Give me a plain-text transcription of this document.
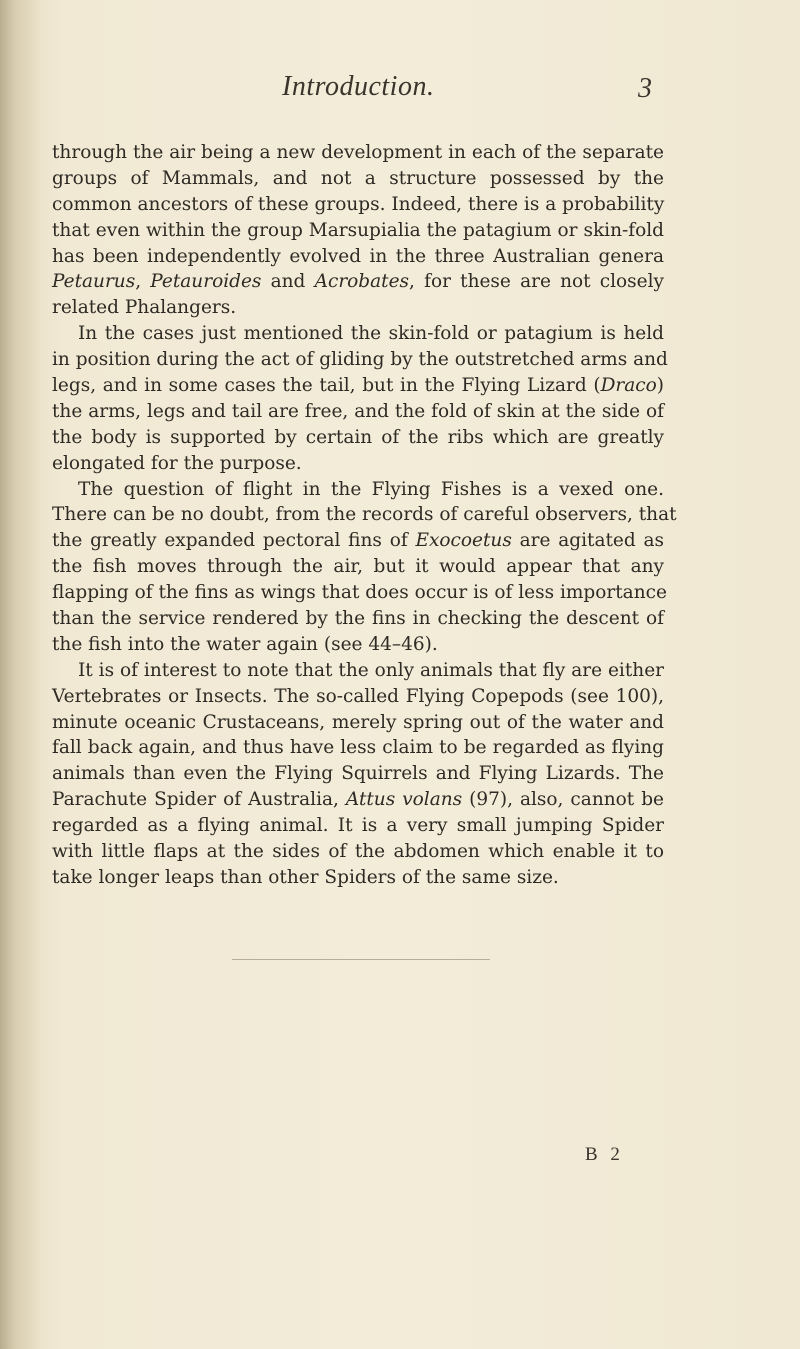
Introduction.	3
through the air being a new development in each of the separate
groups of Mammals, and not a structure possessed by the
common ancestors of these groups. Indeed, there is a probability
that even within the group Marsupialia the patagium or skin-fold
has been independently evolved in the three Australian genera
Petaurus, Petauroides and Acrobates, for these are not closely
related Phalangers.
In the cases just mentioned the skin-fold or patagium is held
in position during the act of gliding by the outstretched arms and
legs, and in some cases the tail, but in the Flying Lizard (Draco)
the arms, legs and tail are free, and the fold of skin at the side of
the body is supported by certain of the ribs which are greatly
elongated for the purpose.
The question of flight in the Flying Fishes is a vexed one.
There can be no doubt, from the records of careful observers, that
the greatly expanded pectoral fins of Exocoetus are agitated as
the fish moves through the air, but it would appear that any
flapping of the fins as wings that does occur is of less importance
than the service rendered by the fins in checking the descent of
the fish into the water again (see 44–46).
It is of interest to note that the only animals that fly are either
Vertebrates or Insects. The so-called Flying Copepods (see 100),
minute oceanic Crustaceans, merely spring out of the water and
fall back again, and thus have less claim to be regarded as flying
animals than even the Flying Squirrels and Flying Lizards. The
Parachute Spider of Australia, Attus volans (97), also, cannot be
regarded as a flying animal. It is a very small jumping Spider
with little flaps at the sides of the abdomen which enable it to
take longer leaps than other Spiders of the same size.
B 2
